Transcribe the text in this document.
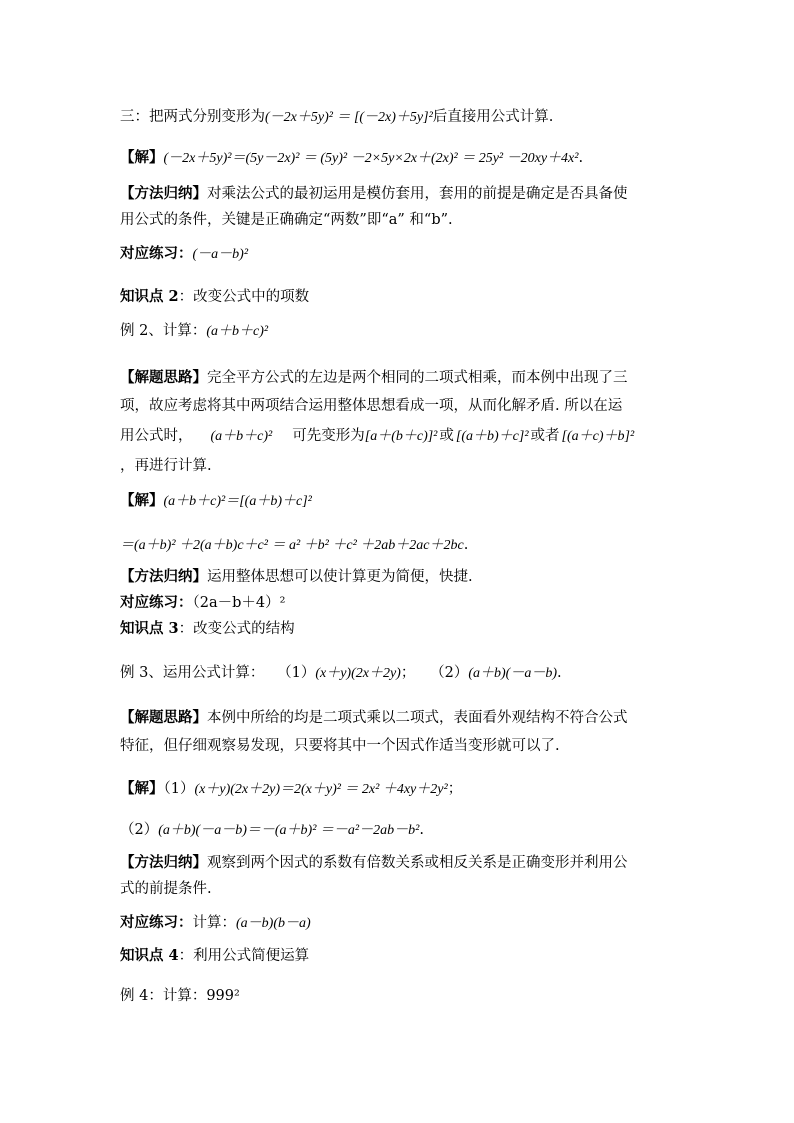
三：把两式分别变形为(－2x＋5y)² ＝ [(－2x)＋5y]²后直接用公式计算.
【解】(－2x＋5y)²＝(5y－2x)² ＝ (5y)² －2×5y×2x＋(2x)² ＝ 25y² －20xy＋4x².
【方法归纳】对乘法公式的最初运用是模仿套用，套用的前提是确定是否具备使
用公式的条件，关键是正确确定“两数”即“a” 和“b”.
对应练习：(－a－b)²
知识点 2：改变公式中的项数
例 2、计算：(a＋b＋c)²
【解题思路】完全平方公式的左边是两个相同的二项式相乘，而本例中出现了三
项，故应考虑将其中两项结合运用整体思想看成一项，从而化解矛盾. 所以在运
用公式时， (a＋b＋c)² 可先变形为[a＋(b＋c)]² 或 [(a＋b)＋c]² 或者 [(a＋c)＋b]²
，再进行计算.
【解】(a＋b＋c)²＝[(a＋b)＋c]²
＝(a＋b)² ＋2(a＋b)c＋c² ＝ a² ＋b² ＋c² ＋2ab＋2ac＋2bc.
【方法归纳】运用整体思想可以使计算更为简便，快捷.
对应练习：（2a－b＋4）²
知识点 3：改变公式的结构
例 3、运用公式计算： （1）(x＋y)(2x＋2y)； （2）(a＋b)(－a－b).
【解题思路】本例中所给的均是二项式乘以二项式，表面看外观结构不符合公式
特征，但仔细观察易发现，只要将其中一个因式作适当变形就可以了.
【解】（1）(x＋y)(2x＋2y)＝2(x＋y)² ＝ 2x² ＋4xy＋2y²；
（2）(a＋b)(－a－b)＝－(a＋b)² ＝－a²－2ab－b².
【方法归纳】观察到两个因式的系数有倍数关系或相反关系是正确变形并利用公
式的前提条件.
对应练习：计算：(a－b)(b－a)
知识点 4：利用公式简便运算
例 4：计算：999²
